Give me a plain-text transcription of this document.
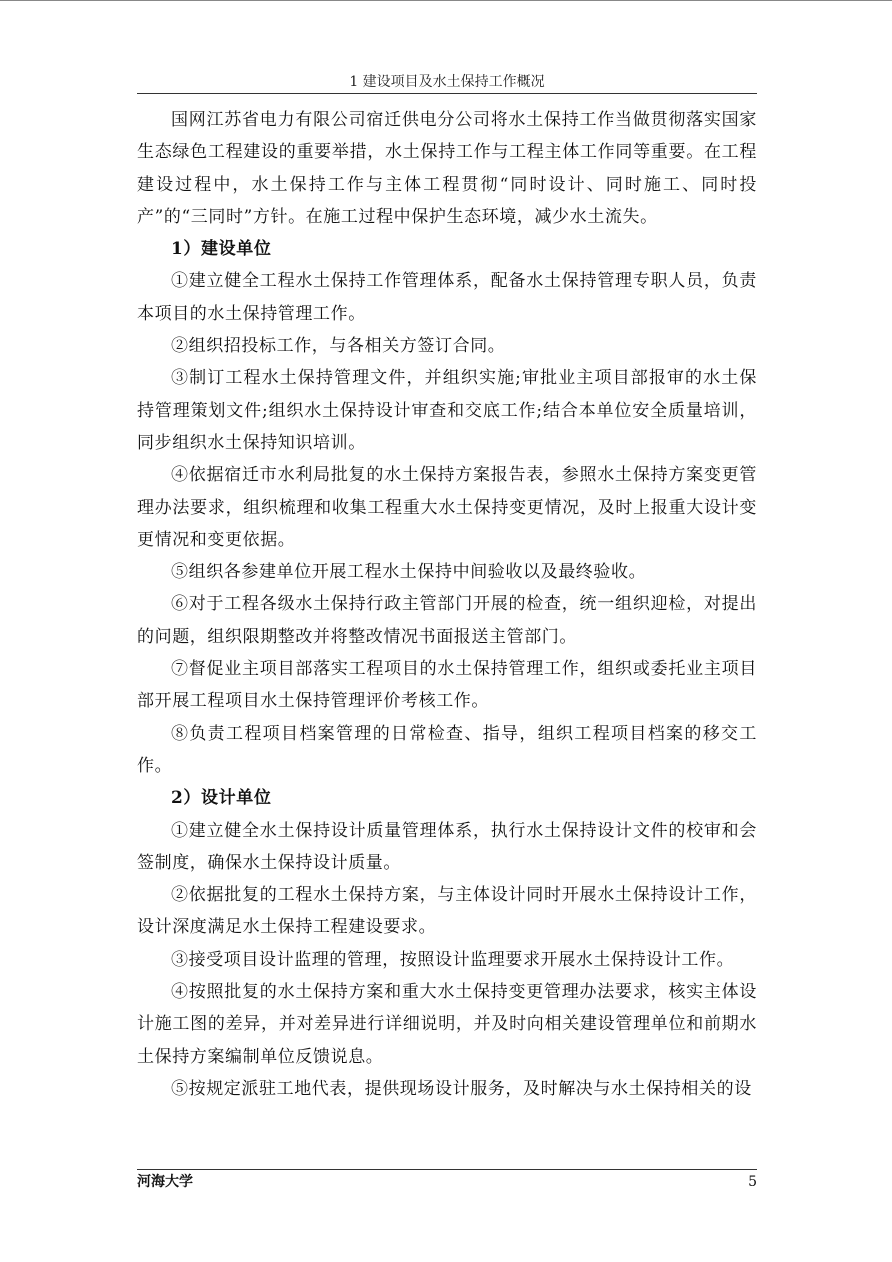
1 建设项目及水土保持工作概况

国网江苏省电力有限公司宿迁供电分公司将水土保持工作当做贯彻落实国家生态绿色工程建设的重要举措，水土保持工作与工程主体工作同等重要。在工程建设过程中，水土保持工作与主体工程贯彻“同时设计、同时施工、同时投产”的“三同时”方针。在施工过程中保护生态环境，减少水土流失。

1）建设单位

①建立健全工程水土保持工作管理体系，配备水土保持管理专职人员，负责本项目的水土保持管理工作。

②组织招投标工作，与各相关方签订合同。

③制订工程水土保持管理文件，并组织实施;审批业主项目部报审的水土保持管理策划文件;组织水土保持设计审查和交底工作;结合本单位安全质量培训，同步组织水土保持知识培训。

④依据宿迁市水利局批复的水土保持方案报告表，参照水土保持方案变更管理办法要求，组织梳理和收集工程重大水土保持变更情况，及时上报重大设计变更情况和变更依据。

⑤组织各参建单位开展工程水土保持中间验收以及最终验收。

⑥对于工程各级水土保持行政主管部门开展的检查，统一组织迎检，对提出的问题，组织限期整改并将整改情况书面报送主管部门。

⑦督促业主项目部落实工程项目的水土保持管理工作，组织或委托业主项目部开展工程项目水土保持管理评价考核工作。

⑧负责工程项目档案管理的日常检查、指导，组织工程项目档案的移交工作。

2）设计单位

①建立健全水土保持设计质量管理体系，执行水土保持设计文件的校审和会签制度，确保水土保持设计质量。

②依据批复的工程水土保持方案，与主体设计同时开展水土保持设计工作，设计深度满足水土保持工程建设要求。

③接受项目设计监理的管理，按照设计监理要求开展水土保持设计工作。

④按照批复的水土保持方案和重大水土保持变更管理办法要求，核实主体设计施工图的差异，并对差异进行详细说明，并及时向相关建设管理单位和前期水土保持方案编制单位反馈说息。

⑤按规定派驻工地代表，提供现场设计服务，及时解决与水土保持相关的设

河海大学	5
